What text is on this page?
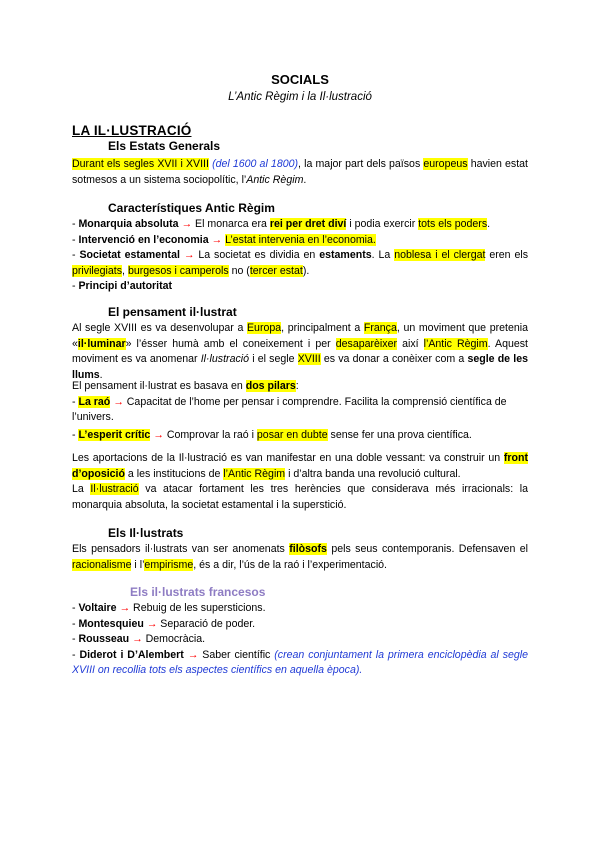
SOCIALS
L’Antic Règim i la Il·lustració
LA IL·LUSTRACIÓ
Els Estats Generals
Durant els segles XVII i XVIII (del 1600 al 1800), la major part dels països europeus havien estat sotmesos a un sistema sociopolític, l’Antic Règim.
Característiques Antic Règim
- Monarquia absoluta → El monarca era rei per dret diví i podia exercir tots els poders.
- Intervenció en l’economia → L’estat intervenia en l’economia.
- Societat estamental → La societat es dividia en estaments. La noblesa i el clergat eren els privilegiats, burgesos i camperols no (tercer estat).
- Principi d’autoritat
El pensament il·lustrat
Al segle XVIII es va desenvolupar a Europa, principalment a França, un moviment que pretenia «il·luminar» l’ésser humà amb el coneixement i per desaparèixer així l’Antic Règim. Aquest moviment es va anomenar Il·lustració i el segle XVIII es va donar a conèixer com a segle de les llums.
El pensament il·lustrat es basava en dos pilars:
- La raó → Capacitat de l’home per pensar i comprendre. Facilita la comprensió científica de l’univers.
- L’esperit crític → Comprovar la raó i posar en dubte sense fer una prova científica.
Les aportacions de la Il·lustració es van manifestar en una doble vessant: va construir un front d’oposició a les institucions de l’Antic Règim i d’altra banda una revolució cultural.
La Il·lustració va atacar fortament les tres herències que considerava més irracionals: la monarquia absoluta, la societat estamental i la superstició.
Els Il·lustrats
Els pensadors il·lustrats van ser anomenats filòsofs pels seus contemporanis. Defensaven el racionalisme i l’empirisme, és a dir, l’ús de la raó i l’experimentació.
Els il·lustrats francesos
- Voltaire → Rebuig de les supersticions.
- Montesquieu → Separació de poder.
- Rousseau → Democràcia.
- Diderot i D’Alembert → Saber científic (crean conjuntament la primera enciclopèdia al segle XVIII on recollia tots els aspectes científics en aquella època).
